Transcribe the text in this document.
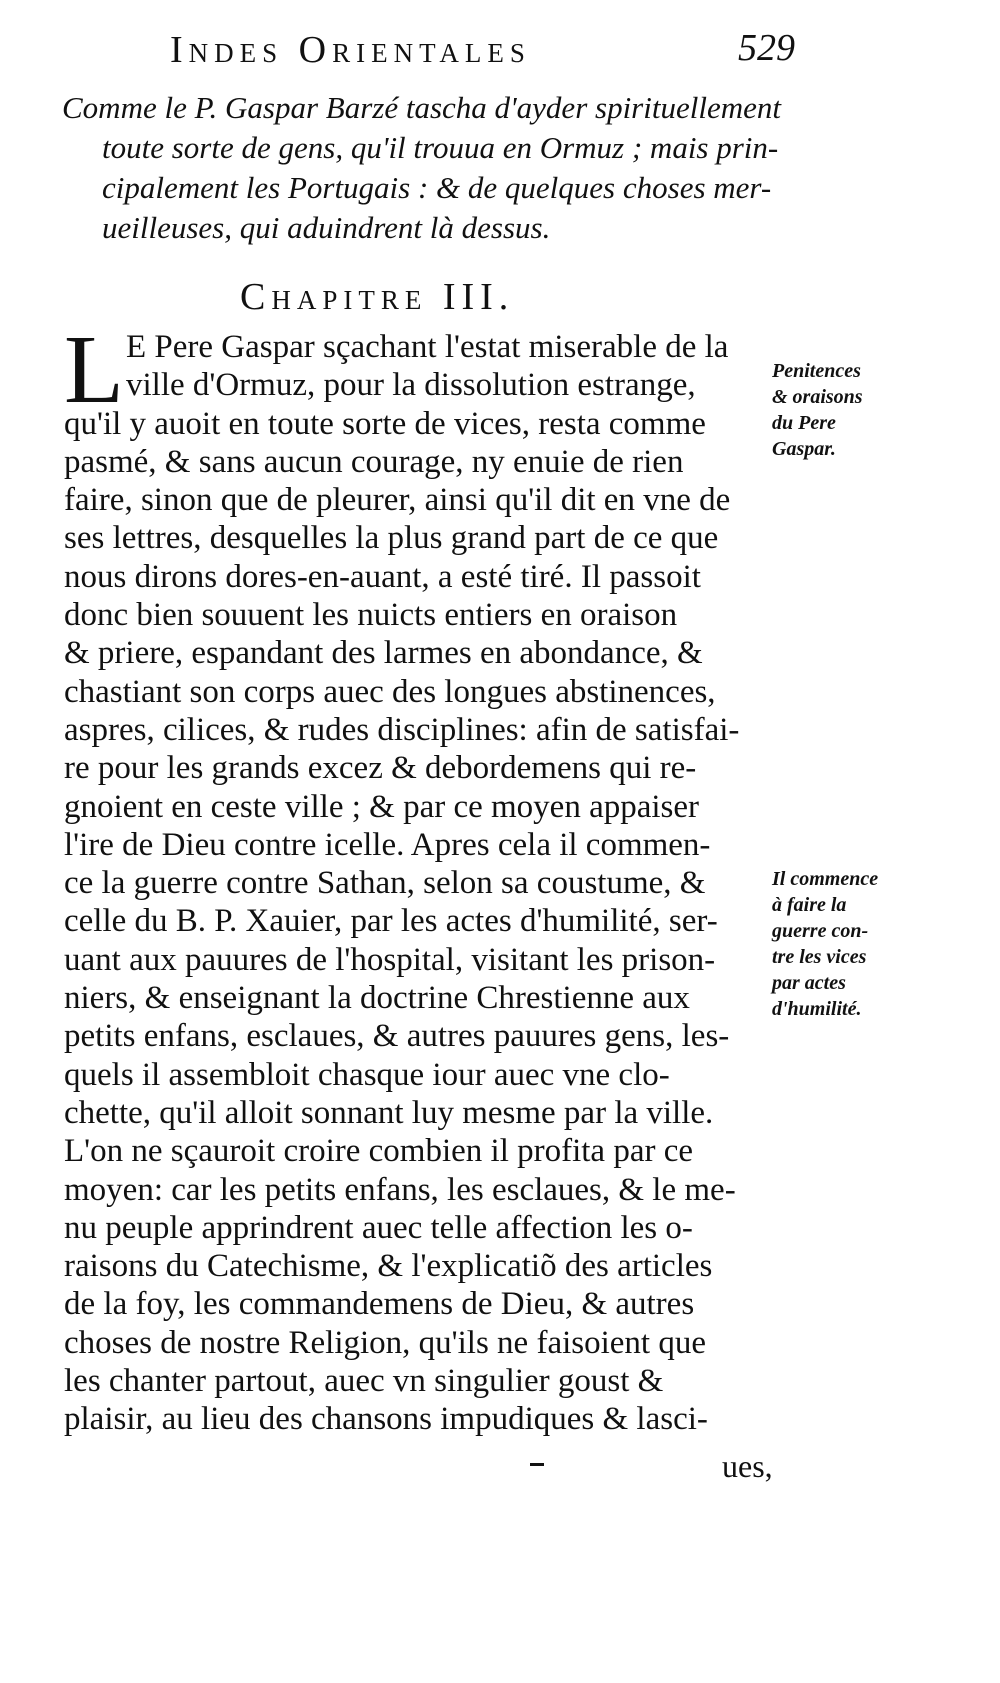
Indes Orientales	529
Comme le P. Gaspar Barzé tascha d'ayder spirituellement
toute sorte de gens, qu'il trouua en Ormuz ; mais prin-
cipalement les Portugais : & de quelques choses mer-
ueilleuses, qui aduindrent là dessus.
Chapitre III.
L E Pere Gaspar sçachant l'estat miserable de la
ville d'Ormuz, pour la dissolution estrange,
qu'il y auoit en toute sorte de vices, resta comme
pasmé, & sans aucun courage, ny enuie de rien
faire, sinon que de pleurer, ainsi qu'il dit en vne de
ses lettres, desquelles la plus grand part de ce que
nous dirons dores-en-auant, a esté tiré. Il passoit
donc bien souuent les nuicts entiers en oraison
& priere, espandant des larmes en abondance, &
chastiant son corps auec des longues abstinences,
aspres, cilices, & rudes disciplines: afin de satisfai-
re pour les grands excez & debordemens qui re-
gnoient en ceste ville ; & par ce moyen appaiser
l'ire de Dieu contre icelle. Apres cela il commen-
ce la guerre contre Sathan, selon sa coustume, &
celle du B. P. Xauier, par les actes d'humilité, ser-
uant aux pauures de l'hospital, visitant les prison-
niers, & enseignant la doctrine Chrestienne aux
petits enfans, esclaues, & autres pauures gens, les-
quels il assembloit chasque iour auec vne clo-
chette, qu'il alloit sonnant luy mesme par la ville.
L'on ne sçauroit croire combien il profita par ce
moyen: car les petits enfans, les esclaues, & le me-
nu peuple apprindrent auec telle affection les o-
raisons du Catechisme, & l'explicatiõ des articles
de la foy, les commandemens de Dieu, & autres
choses de nostre Religion, qu'ils ne faisoient que
les chanter partout, auec vn singulier goust &
plaisir, au lieu des chansons impudiques & lasci-
ues,
Penitences
& oraisons
du Pere
Gaspar.
Il commence
à faire la
guerre con-
tre les vices
par actes
d'humilité.
